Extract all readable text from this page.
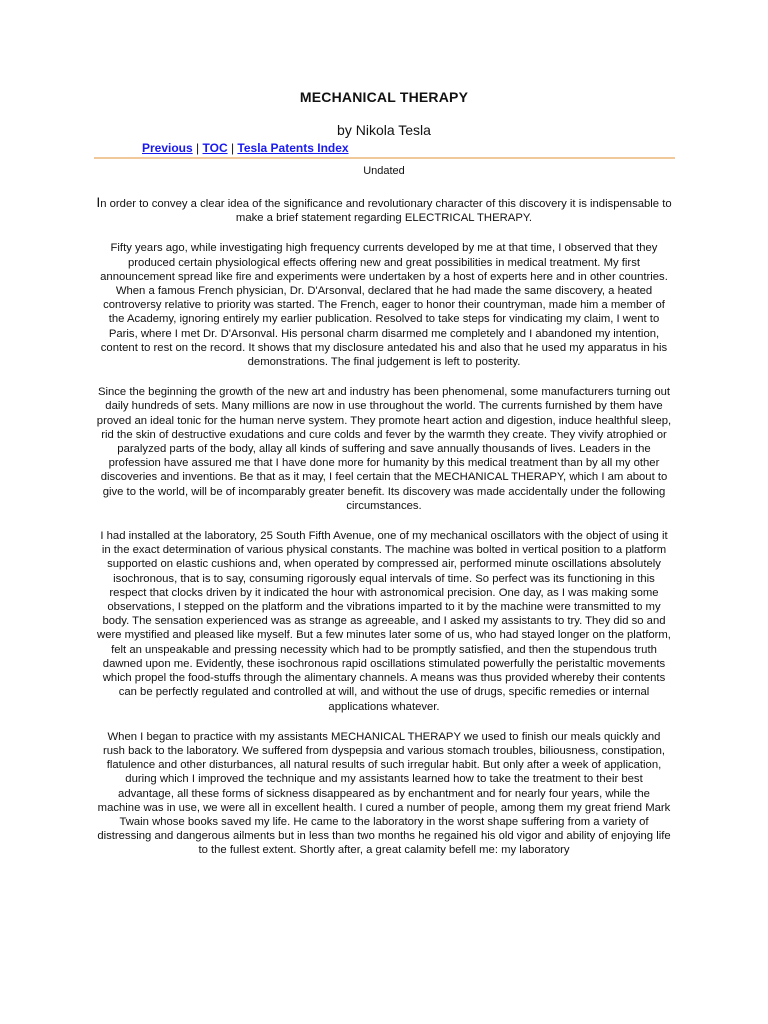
MECHANICAL THERAPY
by Nikola Tesla
Previous | TOC | Tesla Patents Index
Undated

In order to convey a clear idea of the significance and revolutionary character of this discovery it is indispensable to make a brief statement regarding ELECTRICAL THERAPY.

Fifty years ago, while investigating high frequency currents developed by me at that time, I observed that they produced certain physiological effects offering new and great possibilities in medical treatment. My first announcement spread like fire and experiments were undertaken by a host of experts here and in other countries. When a famous French physician, Dr. D'Arsonval, declared that he had made the same discovery, a heated controversy relative to priority was started. The French, eager to honor their countryman, made him a member of the Academy, ignoring entirely my earlier publication. Resolved to take steps for vindicating my claim, I went to Paris, where I met Dr. D'Arsonval. His personal charm disarmed me completely and I abandoned my intention, content to rest on the record. It shows that my disclosure antedated his and also that he used my apparatus in his demonstrations. The final judgement is left to posterity.

Since the beginning the growth of the new art and industry has been phenomenal, some manufacturers turning out daily hundreds of sets. Many millions are now in use throughout the world. The currents furnished by them have proved an ideal tonic for the human nerve system. They promote heart action and digestion, induce healthful sleep, rid the skin of destructive exudations and cure colds and fever by the warmth they create. They vivify atrophied or paralyzed parts of the body, allay all kinds of suffering and save annually thousands of lives. Leaders in the profession have assured me that I have done more for humanity by this medical treatment than by all my other discoveries and inventions. Be that as it may, I feel certain that the MECHANICAL THERAPY, which I am about to give to the world, will be of incomparably greater benefit. Its discovery was made accidentally under the following circumstances.

I had installed at the laboratory, 25 South Fifth Avenue, one of my mechanical oscillators with the object of using it in the exact determination of various physical constants. The machine was bolted in vertical position to a platform supported on elastic cushions and, when operated by compressed air, performed minute oscillations absolutely isochronous, that is to say, consuming rigorously equal intervals of time. So perfect was its functioning in this respect that clocks driven by it indicated the hour with astronomical precision. One day, as I was making some observations, I stepped on the platform and the vibrations imparted to it by the machine were transmitted to my body. The sensation experienced was as strange as agreeable, and I asked my assistants to try. They did so and were mystified and pleased like myself. But a few minutes later some of us, who had stayed longer on the platform, felt an unspeakable and pressing necessity which had to be promptly satisfied, and then the stupendous truth dawned upon me. Evidently, these isochronous rapid oscillations stimulated powerfully the peristaltic movements which propel the food-stuffs through the alimentary channels. A means was thus provided whereby their contents can be perfectly regulated and controlled at will, and without the use of drugs, specific remedies or internal applications whatever.

When I began to practice with my assistants MECHANICAL THERAPY we used to finish our meals quickly and rush back to the laboratory. We suffered from dyspepsia and various stomach troubles, biliousness, constipation, flatulence and other disturbances, all natural results of such irregular habit. But only after a week of application, during which I improved the technique and my assistants learned how to take the treatment to their best advantage, all these forms of sickness disappeared as by enchantment and for nearly four years, while the machine was in use, we were all in excellent health. I cured a number of people, among them my great friend Mark Twain whose books saved my life. He came to the laboratory in the worst shape suffering from a variety of distressing and dangerous ailments but in less than two months he regained his old vigor and ability of enjoying life to the fullest extent. Shortly after, a great calamity befell me: my laboratory
